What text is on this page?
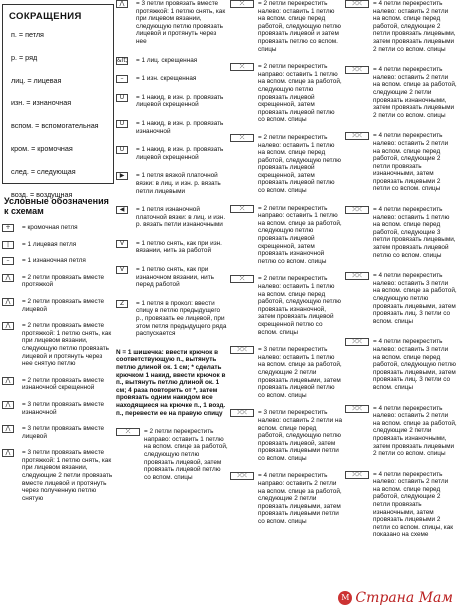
СОКРАЩЕНИЯ
п. = петля
р. = ряд
лиц. = лицевая
изн. = изнаночная
вспом. = вспомогательная
кром. = кромочная
след. = следующая
возд. = воздушная
Условные обозначения к схемам
+	= кромочная петля
|	= 1 лицевая петля
–	= 1 изнаночная петля
⋀	= 2 петли провязать вместе протяжкой
⋀	= 2 петли провязать вместе лицевой
⋀	= 2 петли провязать вместе протяжкой: 1 петлю снять, как при лицевом вязании, следующую петлю провязать лицевой и протянуть через нее снятую петлю
⋀	= 2 петли провязать вместе изнаночной скрещенной
⋀	= 3 петли провязать вместе изнаночной
⋀	= 3 петли провязать вместе лицевой
⋀	= 3 петли провязать вместе протяжкой: 1 петлю снять, как при лицевом вязании, следующие 2 петли провязать вместе лицевой и протянуть через полученную петлю снятую
⋀	= 3 петли провязать вместе протяжкой: 1 петлю снять, как при лицевом вязании, следующую петлю провязать лицевой и протянуть через нее
&lt; = 1 лиц. скрещенная
–	= 1 изн. скрещенная
U	= 1 накид, в изн. р. провязать лицевой скрещенной
U	= 1 накид, в изн. р. провязать изнаночной
U	= 1 накид, в изн. р. провязать лицевой скрещенной
▶	= 1 петля вязкой платочной вязки: в лиц. и изн. р. вязать петли лицевыми
◀	= 1 петля изнаночной платочной вязки: в лиц. и изн. р. вязать петли изнаночными
V	= 1 петлю снять, как при изн. вязании, нить за работой
V	= 1 петлю снять, как при изнаночном вязании, нить перед работой
Z	= 1 петля в прокол: ввести спицу в петлю предыдущего р., провязать ее лицевой, при этом петля предыдущего ряда распускается
N = 1 шишечка: ввести крючок в соответствующую п., вытянуть петлю длиной ок. 1 см; * сделать крючком 1 накид, ввести крючок в п., вытянуть петлю длиной ок. 1 см; 4 раза повторить от *, затем провязать одним накидом все находящиеся на крючке п., 1 возд. п., перевести ее на правую спицу
⤫	= 2 петли перекрестить направо: оставить 1 петлю на вспом. спице за работой, следующую петлю провязать лицевой, затем провязать лицевой петлю со вспом. спицы
⤫	= 2 петли перекрестить налево: оставить 1 петлю на вспом. спице перед работой, следующую петлю провязать лицевой и затем провязать петлю со вспом. спицы
⤫	= 2 петли перекрестить направо: оставить 1 петлю на вспом. спице за работой, следующую петлю провязать лицевой скрещенной, затем провязать лицевой петлю со вспом. спицы
⤫	= 2 петли перекрестить налево: оставить 1 петлю на вспом. спице перед работой, следующую петлю провязать лицевой скрещенной, затем провязать лицевой петлю со вспом. спицы
⤫	= 2 петли перекрестить направо: оставить 1 петлю на вспом. спице за работой, следующую петлю провязать лицевой скрещенной, затем провязать изнаночной петлю со вспом. спицы
⤫	= 2 петли перекрестить налево: оставить 1 петлю на вспом. спице перед работой, следующую петлю провязать изнаночной, затем провязать лицевой скрещенной петлю со вспом. спицы
⤫⤫	= 3 петли перекрестить налево: оставить 1 петлю на вспом. спице за работой, следующие 2 петли провязать лицевыми, затем провязать лицевой петлю со вспом. спицы
⤫⤫	= 3 петли перекрестить налево: оставить 2 петли на вспом. спице перед работой, следующую петлю провязать лицевой, затем провязать лицевыми петли со вспом. спицы
⤫⤫	= 4 петли перекрестить направо: оставить 2 петли на вспом. спице за работой, следующие 2 петли провязать лицевыми, затем провязать лицевыми петли со вспом. спицы
⤫⤫	= 4 петли перекрестить налево: оставить 2 петли на вспом. спице перед работой, следующие 2 петли провязать лицевыми, затем провязать лицевыми 2 петли со вспом. спицы
⤫⤫	= 4 петли перекрестить налево: оставить 2 петли на вспом. спице за работой, следующие 2 петли провязать изнаночными, затем провязать лицевыми 2 петли со вспом. спицы
⤫⤫	= 4 петли перекрестить налево: оставить 2 петли на вспом. спице перед работой, следующие 2 петли провязать изнаночными, затем провязать лицевыми 2 петли со вспом. спицы
⤫⤫	= 4 петли перекрестить налево: оставить 1 петлю на вспом. спице перед работой, следующие 3 петли провязать лицевыми, затем провязать лицевой петлю со вспом. спицы
⤫⤫	= 4 петли перекрестить налево: оставить 3 петли на вспом. спице за работой, следующую петлю провязать лицевыми, затем провязать лиц. 3 петли со вспом. спицы
⤫⤫	= 4 петли перекрестить налево: оставить 3 петли на вспом. спице перед работой, следующую петлю провязать лицевыми, затем провязать лиц. 3 петли со вспом. спицы
⤫⤫	= 4 петли перекрестить налево: оставить 2 петли на вспом. спице за работой, следующие 2 петли провязать изнаночными, затем провязать лицевыми 2 петли со вспом. спицы
⤫⤫	= 4 петли перекрестить налево: оставить 2 петли на вспом. спице перед работой, следующие 2 петли провязать изнаночными, затем провязать лицевыми 2 петли со вспом. спицы, как показано на схеме
M Страна Мам
